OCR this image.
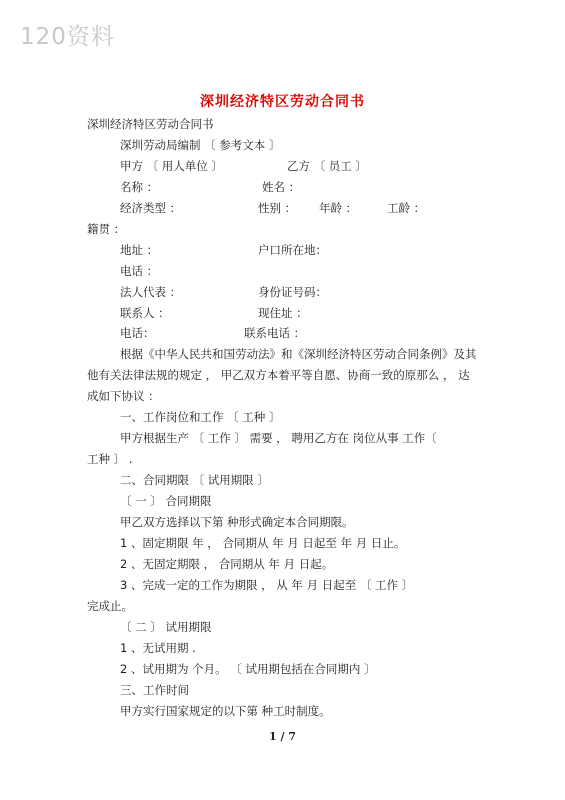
120资料
深圳经济特区劳动合同书
深圳经济特区劳动合同书
深圳劳动局编制 〔 参考文本 〕
甲方 〔 用人单位 〕	乙方 〔 员工 〕
名称 ：	姓名 ：
经济类型 ：	性别 ： 年龄 ：	工龄 ：
籍贯 ：
地址 ：	户口所在地：
电话 ：
法人代表 ：	身份证号码：
联系人 ：	现住址 ：
电话：	联系电话 ：
根据《中华人民共和国劳动法》和《深圳经济特区劳动合同条例》及其
他有关法律法规的规定 ， 甲乙双方本着平等自愿、协商一致的原那么 ， 达
成如下协议 ：
一、工作岗位和工作 〔 工种 〕
甲方根据生产 〔 工作 〕 需要 ， 聘用乙方在 岗位从事 工作〔
工种 〕 .
二、合同期限 〔 试用期限 〕
〔 一 〕 合同期限
甲乙双方选择以下第 种形式确定本合同期限。
1 、固定期限 年 ， 合同期从 年 月 日起至 年 月 日止。
2 、无固定期限 ， 合同期从 年 月 日起。
3 、完成一定的工作为期限 ， 从 年 月 日起至 〔 工作 〕
完成止。
〔 二 〕 试用期限
1 、无试用期 .
2 、试用期为 个月。 〔 试用期包括在合同期内 〕
三、工作时间
甲方实行国家规定的以下第 种工时制度。
1 / 7
